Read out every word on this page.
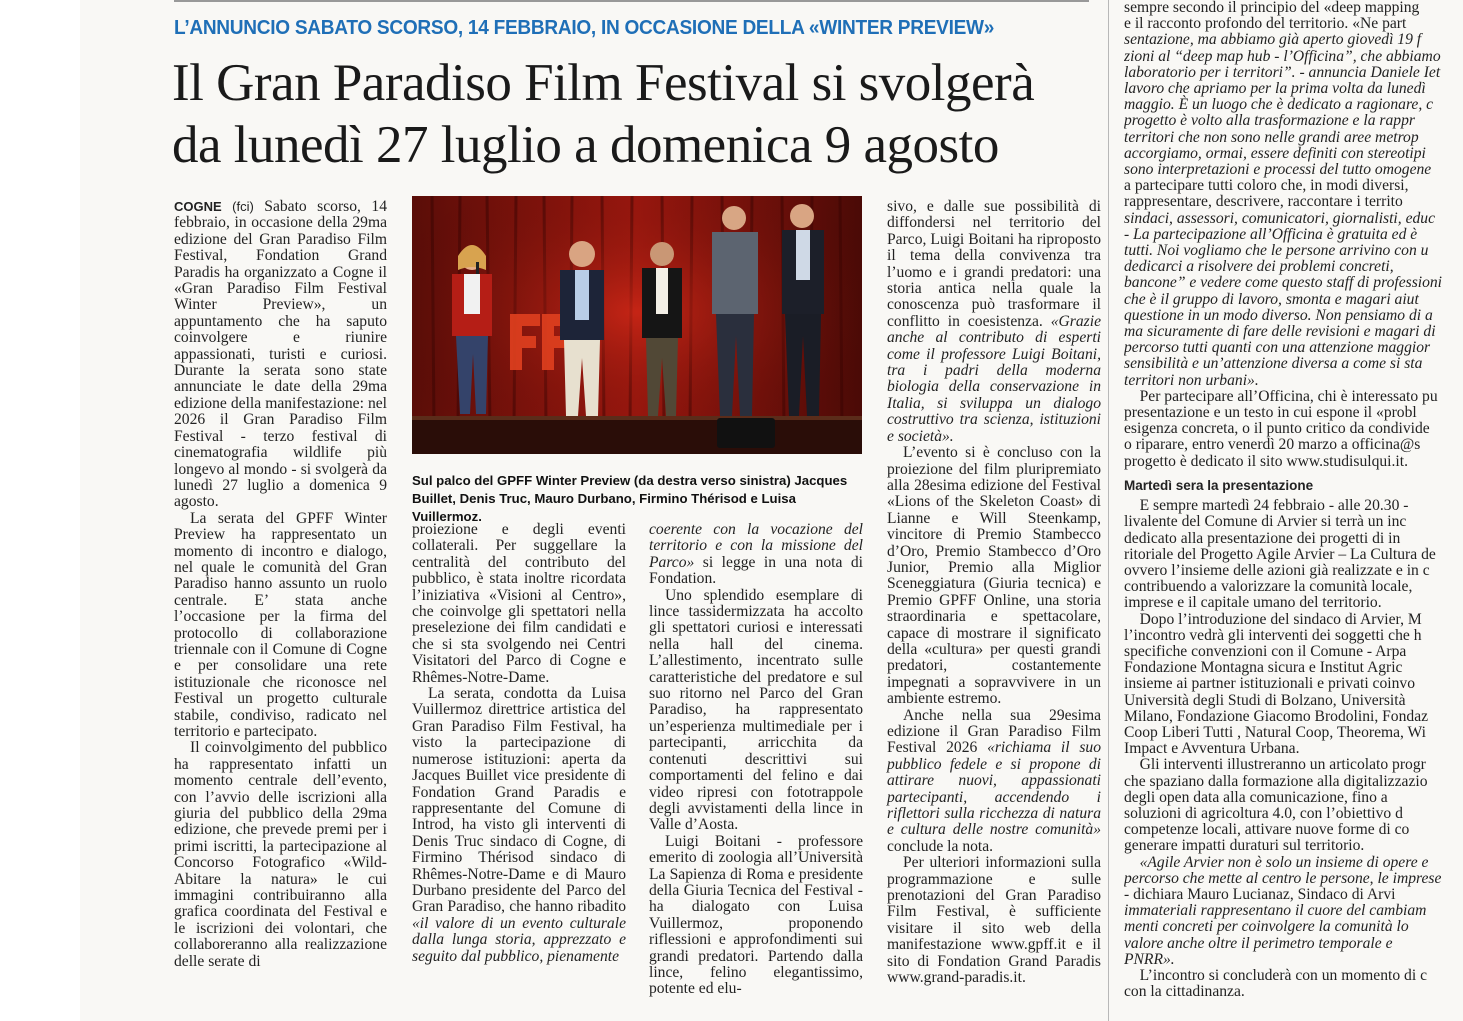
L’ANNUNCIO SABATO SCORSO, 14 FEBBRAIO, IN OCCASIONE DELLA «WINTER PREVIEW»
Il Gran Paradiso Film Festival si svolgerà
da lunedì 27 luglio a domenica 9 agosto

COGNE (fci) Sabato scorso, 14 febbraio, in occasione della 29ma edizione del Gran Paradiso Film Festival, Fondation Grand Paradis ha organizzato a Cogne il «Gran Paradiso Film Festival Winter Preview», un appuntamento che ha saputo coinvolgere e riunire appassionati, turisti e curiosi. Durante la serata sono state annunciate le date della 29ma edizione della manifestazione: nel 2026 il Gran Paradiso Film Festival - terzo festival di cinematografia wildlife più longevo al mondo - si svolgerà da lunedì 27 luglio a domenica 9 agosto.

La serata del GPFF Winter Preview ha rappresentato un momento di incontro e dialogo, nel quale le comunità del Gran Paradiso hanno assunto un ruolo centrale. E’ stata anche l’occasione per la firma del protocollo di collaborazione triennale con il Comune di Cogne e per consolidare una rete istituzionale che riconosce nel Festival un progetto culturale stabile, condiviso, radicato nel territorio e partecipato.

Il coinvolgimento del pubblico ha rappresentato infatti un momento centrale dell’evento, con l’avvio delle iscrizioni alla giuria del pubblico della 29ma edizione, che prevede premi per i primi iscritti, la partecipazione al Concorso Fotografico «Wild-Abitare la natura» le cui immagini contribuiranno alla grafica coordinata del Festival e le iscrizioni dei volontari, che collaboreranno alla realizzazione delle serate di

Sul palco del GPFF Winter Preview (da destra verso sinistra) Jacques Buillet, Denis Truc, Mauro Durbano, Firmino Thérisod e Luisa Vuillermoz.

proiezione e degli eventi collaterali. Per suggellare la centralità del contributo del pubblico, è stata inoltre ricordata l’iniziativa «Visioni al Centro», che coinvolge gli spettatori nella preselezione dei film candidati e che si sta svolgendo nei Centri Visitatori del Parco di Cogne e Rhêmes-Notre-Dame.

La serata, condotta da Luisa Vuillermoz direttrice artistica del Gran Paradiso Film Festival, ha visto la partecipazione di numerose istituzioni: aperta da Jacques Buillet vice presidente di Fondation Grand Paradis e rappresentante del Comune di Introd, ha visto gli interventi di Denis Truc sindaco di Cogne, di Firmino Thérisod sindaco di Rhêmes-Notre-Dame e di Mauro Durbano presidente del Parco del Gran Paradiso, che hanno ribadito «il valore di un evento culturale dalla lunga storia, apprezzato e seguito dal pubblico, pienamente

coerente con la vocazione del territorio e con la missione del Parco» si legge in una nota di Fondation.

Uno splendido esemplare di lince tassidermizzata ha accolto gli spettatori curiosi e interessati nella hall del cinema. L’allestimento, incentrato sulle caratteristiche del predatore e sul suo ritorno nel Parco del Gran Paradiso, ha rappresentato un’esperienza multimediale per i partecipanti, arricchita da contenuti descrittivi sui comportamenti del felino e dai video ripresi con fototrappole degli avvistamenti della lince in Valle d’Aosta.

Luigi Boitani - professore emerito di zoologia all’Università La Sapienza di Roma e presidente della Giuria Tecnica del Festival - ha dialogato con Luisa Vuillermoz, proponendo riflessioni e approfondimenti sui grandi predatori. Partendo dalla lince, felino elegantissimo, potente ed elu-

sivo, e dalle sue possibilità di diffondersi nel territorio del Parco, Luigi Boitani ha riproposto il tema della convivenza tra l’uomo e i grandi predatori: una storia antica nella quale la conoscenza può trasformare il conflitto in coesistenza. «Grazie anche al contributo di esperti come il professore Luigi Boitani, tra i padri della moderna biologia della conservazione in Italia, si sviluppa un dialogo costruttivo tra scienza, istituzioni e società».

L’evento si è concluso con la proiezione del film pluripremiato alla 28esima edizione del Festival «Lions of the Skeleton Coast» di Lianne e Will Steenkamp, vincitore di Premio Stambecco d’Oro, Premio Stambecco d’Oro Junior, Premio alla Miglior Sceneggiatura (Giuria tecnica) e Premio GPFF Online, una storia straordinaria e spettacolare, capace di mostrare il significato della «cultura» per questi grandi predatori, costantemente impegnati a sopravvivere in un ambiente estremo.

Anche nella sua 29esima edizione il Gran Paradiso Film Festival 2026 «richiama il suo pubblico fedele e si propone di attirare nuovi, appassionati partecipanti, accendendo i riflettori sulla ricchezza di natura e cultura delle nostre comunità» conclude la nota.

Per ulteriori informazioni sulla programmazione e sulle prenotazioni del Gran Paradiso Film Festival, è sufficiente visitare il sito web della manifestazione www.gpff.it e il sito di Fondation Grand Paradis www.grand-paradis.it.

sempre secondo il principio del «deep mapping
e il racconto profondo del territorio. «Ne part
sentazione, ma abbiamo già aperto giovedì 19 f
zioni al “deep map hub - l’Officina”, che abbiamo
laboratorio per i territori”. - annuncia Daniele Iet
lavoro che apriamo per la prima volta da lunedì
maggio. È un luogo che è dedicato a ragionare, c
progetto è volto alla trasformazione e la rappr
territori che non sono nelle grandi aree metrop
accorgiamo, ormai, essere definiti con stereotipi
sono interpretazioni e processi del tutto omogene
a partecipare tutti coloro che, in modi diversi,
rappresentare, descrivere, raccontare i territo
sindaci, assessori, comunicatori, giornalisti, educ
- La partecipazione all’Officina è gratuita ed è
tutti. Noi vogliamo che le persone arrivino con u
dedicarci a risolvere dei problemi concreti,
bancone” e vedere come questo staff di professioni
che è il gruppo di lavoro, smonta e magari aiut
questione in un modo diverso. Non pensiamo di a
ma sicuramente di fare delle revisioni e magari di
percorso tutti quanti con una attenzione maggior
sensibilità e un’attenzione diversa a come si sta
territori non urbani».
Per partecipare all’Officina, chi è interessato pu
presentazione e un testo in cui espone il «probl
esigenza concreta, o il punto critico da condivide
o riparare, entro venerdì 20 marzo a officina@s
progetto è dedicato il sito www.studisulqui.it.
Martedì sera la presentazione
E sempre martedì 24 febbraio - alle 20.30 -
livalente del Comune di Arvier si terrà un inc
dedicato alla presentazione dei progetti di in
ritoriale del Progetto Agile Arvier – La Cultura de
ovvero l’insieme delle azioni già realizzate e in c
contribuendo a valorizzare la comunità locale,
imprese e il capitale umano del territorio.
Dopo l’introduzione del sindaco di Arvier, M
l’incontro vedrà gli interventi dei soggetti che h
specifiche convenzioni con il Comune - Arpa
Fondazione Montagna sicura e Institut Agric
insieme ai partner istituzionali e privati coinvo
Università degli Studi di Bolzano, Università
Milano, Fondazione Giacomo Brodolini, Fondaz
Coop Liberi Tutti , Natural Coop, Theorema, Wi
Impact e Avventura Urbana.
Gli interventi illustreranno un articolato progr
che spaziano dalla formazione alla digitalizzazio
degli open data alla comunicazione, fino a
soluzioni di agricoltura 4.0, con l’obiettivo d
competenze locali, attivare nuove forme di co
generare impatti duraturi sul territorio.
«Agile Arvier non è solo un insieme di opere e
percorso che mette al centro le persone, le imprese
- dichiara Mauro Lucianaz, Sindaco di Arvi
immateriali rappresentano il cuore del cambiam
menti concreti per coinvolgere la comunità lo
valore anche oltre il perimetro temporale e
PNRR».
L’incontro si concluderà con un momento di c
con la cittadinanza.
